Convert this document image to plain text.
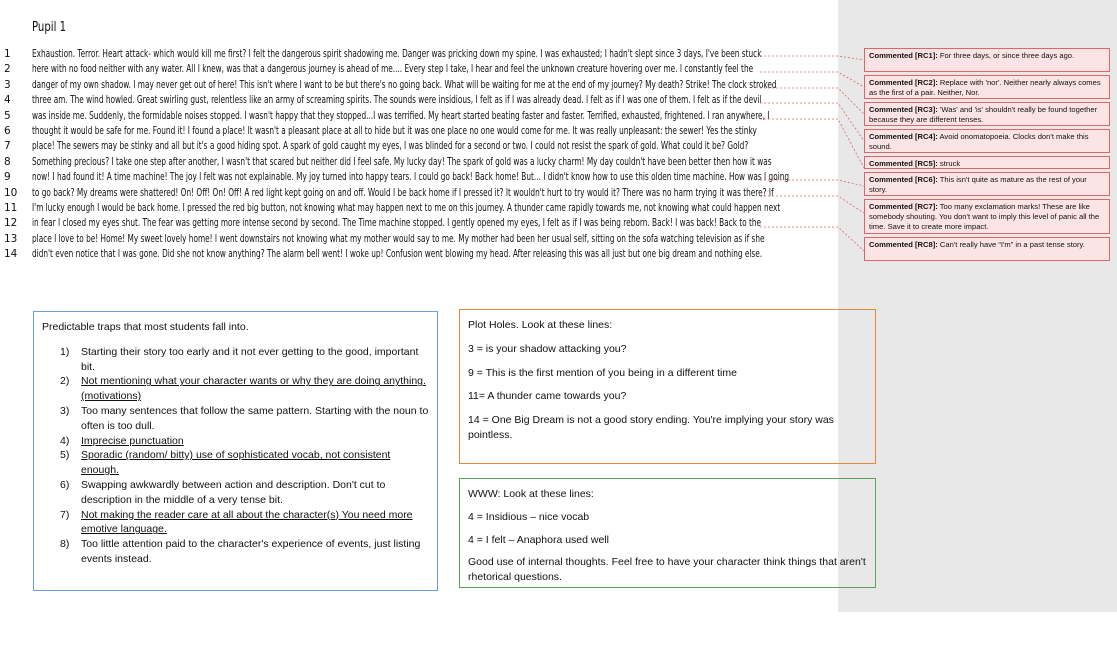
Pupil 1
1	Exhaustion. Terror. Heart attack- which would kill me first? I felt the dangerous spirit shadowing me. Danger was pricking down my spine. I was exhausted; I hadn't slept since 3 days, I've been stuck
2	here with no food neither with any water. All I knew, was that a dangerous journey is ahead of me.... Every step I take, I hear and feel the unknown creature hovering over me. I constantly feel the
3	danger of my own shadow. I may never get out of here! This isn't where I want to be but there's no going back. What will be waiting for me at the end of my journey? My death? Strike! The clock stroked
4	three am. The wind howled. Great swirling gust, relentless like an army of screaming spirits. The sounds were insidious, I felt as if I was already dead. I felt as if I was one of them. I felt as if the devil
5	was inside me. Suddenly, the formidable noises stopped. I wasn't happy that they stopped...I was terrified. My heart started beating faster and faster. Terrified, exhausted, frightened. I ran anywhere, I
6	thought it would be safe for me. Found it! I found a place! It wasn't a pleasant place at all to hide but it was one place no one would come for me. It was really unpleasant: the sewer! Yes the stinky
7	place! The sewers may be stinky and all but it's a good hiding spot. A spark of gold caught my eyes, I was blinded for a second or two. I could not resist the spark of gold. What could it be? Gold?
8	Something precious? I take one step after another, I wasn't that scared but neither did I feel safe. My lucky day! The spark of gold was a lucky charm! My day couldn't have been better then how it was
9	now! I had found it! A time machine! The joy I felt was not explainable. My joy turned into happy tears. I could go back! Back home! But... I didn't know how to use this olden time machine. How was I going
10	to go back? My dreams were shattered! On! Off! On! Off! A red light kept going on and off. Would I be back home if I pressed it? It wouldn't hurt to try would it? There was no harm trying it was there? If
11	I'm lucky enough I would be back home. I pressed the red big button, not knowing what may happen next to me on this journey. A thunder came rapidly towards me, not knowing what could happen next
12	in fear I closed my eyes shut. The fear was getting more intense second by second. The Time machine stopped. I gently opened my eyes, I felt as if I was being reborn. Back! I was back! Back to the
13	place I love to be! Home! My sweet lovely home! I went downstairs not knowing what my mother would say to me. My mother had been her usual self, sitting on the sofa watching television as if she
14	didn't even notice that I was gone. Did she not know anything? The alarm bell went! I woke up! Confusion went blowing my head. After releasing this was all just but one big dream and nothing else.
Commented [RC1]: For three days, or since three days ago.
Commented [RC2]: Replace with 'nor'. Neither nearly always comes as the first of a pair. Neither, Nor.
Commented [RC3]: 'Was' and 'is' shouldn't really be found together because they are different tenses.
Commented [RC4]: Avoid onomatopoeia. Clocks don't make this sound.
Commented [RC5]: struck
Commented [RC6]: This isn't quite as mature as the rest of your story.
Commented [RC7]: Too many exclamation marks! These are like somebody shouting. You don't want to imply this level of panic all the time. Save it to create more impact.
Commented [RC8]: Can't really have “I'm” in a past tense story.

Predictable traps that most students fall into.

1) Starting their story too early and it not ever getting to the good, important bit.
2) Not mentioning what your character wants or why they are doing anything. (motivations)
3) Too many sentences that follow the same pattern. Starting with the noun to often is too dull.
4) Imprecise punctuation
5) Sporadic (random/ bitty) use of sophisticated vocab, not consistent enough.
6) Swapping awkwardly between action and description. Don't cut to description in the middle of a very tense bit.
7) Not making the reader care at all about the character(s) You need more emotive language.
8) Too little attention paid to the character's experience of events, just listing events instead.

Plot Holes. Look at these lines:

3 = is your shadow attacking you?

9 = This is the first mention of you being in a different time

11= A thunder came towards you?

14 = One Big Dream is not a good story ending. You're implying your story was pointless.

WWW: Look at these lines:

4 = Insidious – nice vocab

4 = I felt – Anaphora used well

Good use of internal thoughts. Feel free to have your character think things that aren't rhetorical questions.
